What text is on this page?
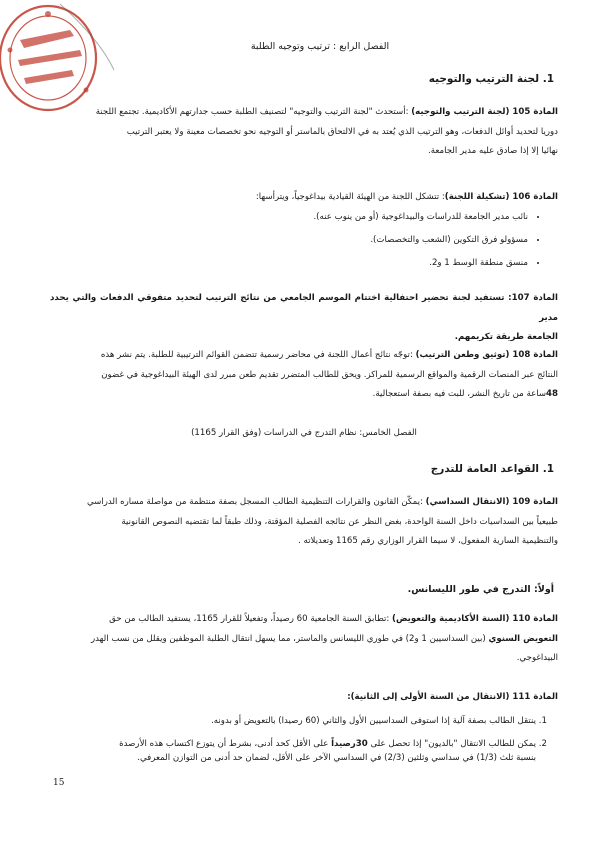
الفصل الرابع : ترتيب وتوجيه الطلبة
1. لجنة الترتيب والتوجيه
المادة 105 (لجنة الترتيب والتوجيه) :أستحدث "لجنة الترتيب والتوجيه" لتصنيف الطلبة حسب جدارتهم الأكاديمية. تجتمع اللجنة
دوريا لتحديد أوائل الدفعات، وهو الترتيب الذي يُعتد به في الالتحاق بالماستر أو التوجيه نحو تخصصات معينة ولا يعتبر الترتيب
نهائيا إلا إذا صادق عليه مدير الجامعة.
المادة 106 (تشكيلة اللجنة): تتشكل اللجنة من الهيئة القيادية بيداغوجياً، ويترأسها:
• نائب مدير الجامعة للدراسات والبيداغوجية (أو من ينوب عنه).
• مسؤولو فرق التكوين (الشعب والتخصصات).
• منسق منطقة الوسط 1 و2.
المادة 107: تستفيد لجنة تحضير احتفالية اختتام الموسم الجامعي من نتائج الترتيب لتحديد متفوقي الدفعات والتي يحدد مدير
الجامعة طريقة تكريمهم.
المادة 108 (توثيق وطعن الترتيب) :توجّه نتائج أعمال اللجنة في محاضر رسمية تتضمن القوائم الترتيبية للطلبة. يتم نشر هذه
النتائج عبر المنصات الرقمية والمواقع الرسمية للمراكز. ويحق للطالب المتضرر تقديم طعن مبرر لدى الهيئة البيداغوجية في غضون
48ساعة من تاريخ النشر، للبت فيه بصفة استعجالية.
الفصل الخامس: نظام التدرج في الدراسات (وفق القرار 1165)
1. القواعد العامة للتدرج
المادة 109 (الانتقال السداسي) :يمكّن القانون والقرارات التنظيمية الطالب المسجل بصفة منتظمة من مواصلة مساره الدراسي
طبيعياً بين السداسيات داخل السنة الواحدة، بغض النظر عن نتائجه الفصلية المؤقتة، وذلك طبقاً لما تقتضيه النصوص القانونية
والتنظيمية السارية المفعول، لا سيما القرار الوزاري رقم 1165 وتعديلاته .
أولاً: التدرج في طور الليسانس.
المادة 110 (السنة الأكاديمية والتعويض) :تطابق السنة الجامعية 60 رصيداً، وتفعيلاً للقرار 1165، يستفيد الطالب من حق
التعويض السنوي (بين السداسيين 1 و2) في طوري الليسانس والماستر، مما يسهل انتقال الطلبة الموظفين ويقلل من نسب الهدر
البيداغوجي.
المادة 111 (الانتقال من السنة الأولى إلى الثانية):
1. ينتقل الطالب بصفة آلية إذا استوفى السداسيين الأول والثاني (60 رصيدا) بالتعويض أو بدونه.
2. يمكن للطالب الانتقال "بالديون" إذا تحصل على 30رصيداً على الأقل كحد أدنى، بشرط أن يتوزع اكتساب هذه الأرصدة
بنسبة ثلث (1/3) في سداسي وثلثين (2/3) في السداسي الآخر على الأقل، لضمان حد أدنى من التوازن المعرفي.
15
